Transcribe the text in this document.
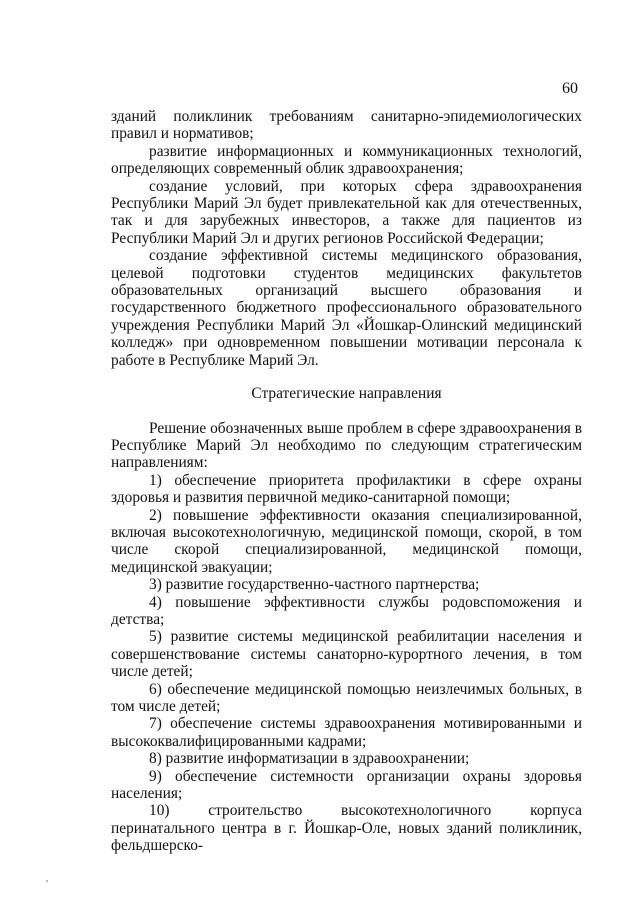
60

зданий поликлиник требованиям санитарно-эпидемиологических правил и нормативов;

развитие информационных и коммуникационных технологий, определяющих современный облик здравоохранения;

создание условий, при которых сфера здравоохранения Республики Марий Эл будет привлекательной как для отечественных, так и для зарубежных инвесторов, а также для пациентов из Республики Марий Эл и других регионов Российской Федерации;

создание эффективной системы медицинского образования, целевой подготовки студентов медицинских факультетов образовательных организаций высшего образования и государственного бюджетного профессионального образовательного учреждения Республики Марий Эл «Йошкар-Олинский медицинский колледж» при одновременном повышении мотивации персонала к работе в Республике Марий Эл.

Стратегические направления

Решение обозначенных выше проблем в сфере здравоохранения в Республике Марий Эл необходимо по следующим стратегическим направлениям:

1) обеспечение приоритета профилактики в сфере охраны здоровья и развития первичной медико-санитарной помощи;

2) повышение эффективности оказания специализированной, включая высокотехнологичную, медицинской помощи, скорой, в том числе скорой специализированной, медицинской помощи, медицинской эвакуации;

3) развитие государственно-частного партнерства;

4) повышение эффективности службы родовспоможения и детства;

5) развитие системы медицинской реабилитации населения и совершенствование системы санаторно-курортного лечения, в том числе детей;

6) обеспечение медицинской помощью неизлечимых больных, в том числе детей;

7) обеспечение системы здравоохранения мотивированными и высококвалифицированными кадрами;

8) развитие информатизации в здравоохранении;

9) обеспечение системности организации охраны здоровья населения;

10) строительство высокотехнологичного корпуса перинатального центра в г. Йошкар-Оле, новых зданий поликлиник, фельдшерско-
